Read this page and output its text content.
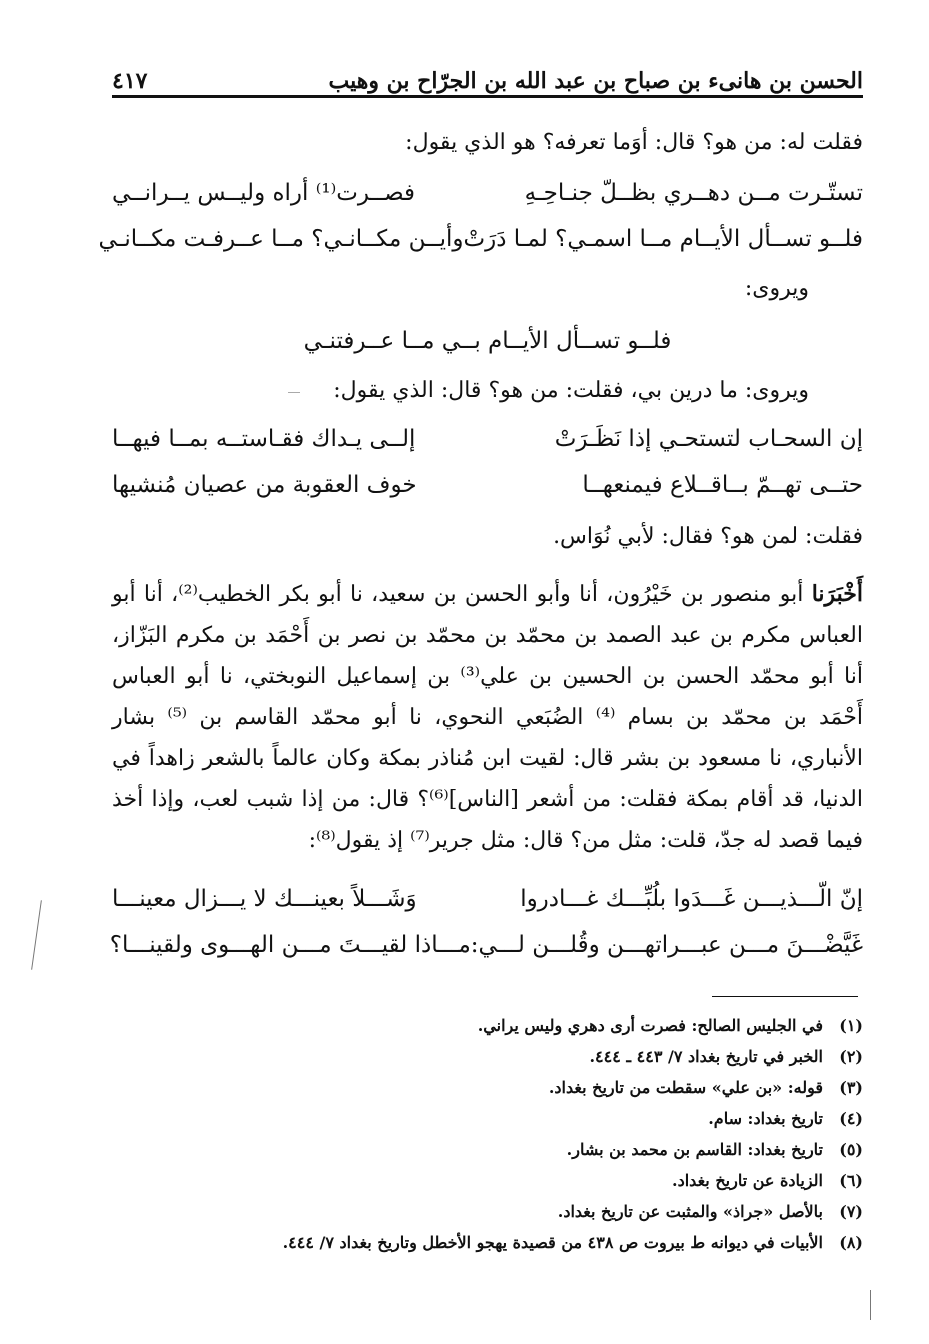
الحسن بن هانىء بن صباح بن عبد الله بن الجرّاح بن وهيب
٤١٧
فقلت له: من هو؟ قال: أوَما تعرفه؟ هو الذي يقول:
تستّـرت مــن دهــري بظــلّ جنـاحِـهِ
فصــرت⁽¹⁾ أراه وليــس يــرانــي
فلــو تســأل الأيــام مــا اسمـي؟ لمـا دَرَتْ
وأيــن مكــانـي؟ مــا عــرفـت مكــانـي
ويروى:
فلــو تســأل الأيــام بــي مــا عــرفتنـي
ويروى: ما درين بي، فقلت: من هو؟ قال: الذي يقول:
إن السحـاب لتستحـي إذا نَظَـرَتْ
إلــى يـداك فقـاستــه بمــا فيهــا
حتــى تهــمّ بــاقــلاع فيمنعهــا
خوف العقوبة من عصيان مُنشيها
فقلت: لمن هو؟ فقال: لأبي نُوَاس.
أَخْبَرَنا أبو منصور بن خَيْرُون، أنا وأبو الحسن بن سعيد، نا أبو بكر الخطيب⁽²⁾، أنا أبو العباس مكرم بن عبد الصمد بن محمّد بن محمّد بن نصر بن أَحْمَد بن مكرم البَزّاز، أنا أبو محمّد الحسن بن الحسين بن علي⁽³⁾ بن إسماعيل النوبختي، نا أبو العباس أَحْمَد بن محمّد بن بسام ⁽⁴⁾ الضُبَعي النحوي، نا أبو محمّد القاسم بن ⁽⁵⁾ بشار الأنباري، نا مسعود بن بشر قال: لقيت ابن مُناذر بمكة وكان عالماً بالشعر زاهداً في الدنيا، قد أقام بمكة فقلت: من أشعر [الناس]⁽⁶⁾؟ قال: من إذا شبب لعب، وإذا أخذ فيما قصد له جدّ، قلت: مثل من؟ قال: مثل جرير⁽⁷⁾ إذ يقول⁽⁸⁾:
إنّ الّـــذيـــن غَـــدَوا بلُبِّـــك غـــادروا
وَشَـــلاً بعينـــك لا يـــزال معينـــا
غَيَّضْـــنَ مـــن عبـــراتهـــن وقُلـــن لـــي:
مـــاذا لقيـــتَ مـــن الهـــوى ولقينـــا؟
(١)
في الجليس الصالح: فصرت أرى دهري وليس يراني.
(٢)
الخبر في تاريخ بغداد ٧/ ٤٤٣ ـ ٤٤٤.
(٣)
قوله: «بن علي» سقطت من تاريخ بغداد.
(٤)
تاريخ بغداد: سام.
(٥)
تاريخ بغداد: القاسم بن محمد بن بشار.
(٦)
الزيادة عن تاريخ بغداد.
(٧)
بالأصل «جراذ» والمثبت عن تاريخ بغداد.
(٨)
الأبيات في ديوانه ط بيروت ص ٤٣٨ من قصيدة يهجو الأخطل وتاريخ بغداد ٧/ ٤٤٤.
